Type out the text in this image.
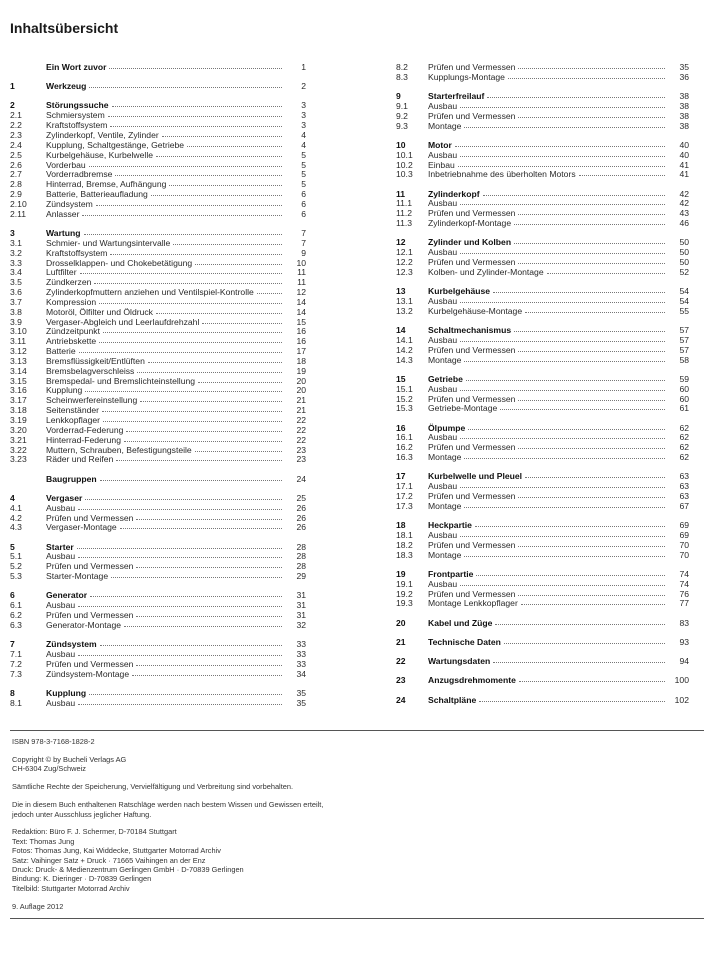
Inhaltsübersicht
Ein Wort zuvor	1
1	Werkzeug	2
2	Störungssuche	3
2.1	Schmiersystem	3
2.2	Kraftstoffsystem	3
2.3	Zylinderkopf, Ventile, Zylinder	4
2.4	Kupplung, Schaltgestänge, Getriebe	4
2.5	Kurbelgehäuse, Kurbelwelle	5
2.6	Vorderbau	5
2.7	Vorderradbremse	5
2.8	Hinterrad, Bremse, Aufhängung	5
2.9	Batterie, Batterieaufladung	6
2.10	Zündsystem	6
2.11	Anlasser	6
3	Wartung	7
3.1	Schmier- und Wartungsintervalle	7
3.2	Kraftstoffsystem	9
3.3	Drosselklappen- und Chokebetätigung	10
3.4	Luftfilter	11
3.5	Zündkerzen	11
3.6	Zylinderkopfmuttern anziehen und Ventilspiel-Kontrolle	12
3.7	Kompression	14
3.8	Motoröl, Ölfilter und Öldruck	14
3.9	Vergaser-Abgleich und Leerlaufdrehzahl	15
3.10	Zündzeitpunkt	16
3.11	Antriebskette	16
3.12	Batterie	17
3.13	Bremsflüssigkeit/Entlüften	18
3.14	Bremsbelagverschleiss	19
3.15	Bremspedal- und Bremslichteinstellung	20
3.16	Kupplung	20
3.17	Scheinwerfereinstellung	21
3.18	Seitenständer	21
3.19	Lenkkopflager	22
3.20	Vorderrad-Federung	22
3.21	Hinterrad-Federung	22
3.22	Muttern, Schrauben, Befestigungsteile	23
3.23	Räder und Reifen	23
Baugruppen	24
4	Vergaser	25
4.1	Ausbau	26
4.2	Prüfen und Vermessen	26
4.3	Vergaser-Montage	26
5	Starter	28
5.1	Ausbau	28
5.2	Prüfen und Vermessen	28
5.3	Starter-Montage	29
6	Generator	31
6.1	Ausbau	31
6.2	Prüfen und Vermessen	31
6.3	Generator-Montage	32
7	Zündsystem	33
7.1	Ausbau	33
7.2	Prüfen und Vermessen	33
7.3	Zündsystem-Montage	34
8	Kupplung	35
8.1	Ausbau	35
8.2	Prüfen und Vermessen	35
8.3	Kupplungs-Montage	36
9	Starterfreilauf	38
9.1	Ausbau	38
9.2	Prüfen und Vermessen	38
9.3	Montage	38
10	Motor	40
10.1	Ausbau	40
10.2	Einbau	41
10.3	Inbetriebnahme des überholten Motors	41
11	Zylinderkopf	42
11.1	Ausbau	42
11.2	Prüfen und Vermessen	43
11.3	Zylinderkopf-Montage	46
12	Zylinder und Kolben	50
12.1	Ausbau	50
12.2	Prüfen und Vermessen	50
12.3	Kolben- und Zylinder-Montage	52
13	Kurbelgehäuse	54
13.1	Ausbau	54
13.2	Kurbelgehäuse-Montage	55
14	Schaltmechanismus	57
14.1	Ausbau	57
14.2	Prüfen und Vermessen	57
14.3	Montage	58
15	Getriebe	59
15.1	Ausbau	60
15.2	Prüfen und Vermessen	60
15.3	Getriebe-Montage	61
16	Ölpumpe	62
16.1	Ausbau	62
16.2	Prüfen und Vermessen	62
16.3	Montage	62
17	Kurbelwelle und Pleuel	63
17.1	Ausbau	63
17.2	Prüfen und Vermessen	63
17.3	Montage	67
18	Heckpartie	69
18.1	Ausbau	69
18.2	Prüfen und Vermessen	70
18.3	Montage	70
19	Frontpartie	74
19.1	Ausbau	74
19.2	Prüfen und Vermessen	76
19.3	Montage Lenkkopflager	77
20	Kabel und Züge	83
21	Technische Daten	93
22	Wartungsdaten	94
23	Anzugsdrehmomente	100
24	Schaltpläne	102

ISBN 978-3-7168-1828-2

Copyright © by Bucheli Verlags AG
CH-6304 Zug/Schweiz

Sämtliche Rechte der Speicherung, Vervielfältigung und Verbreitung sind vorbehalten.

Die in diesem Buch enthaltenen Ratschläge werden nach bestem Wissen und Gewissen erteilt,
jedoch unter Ausschluss jeglicher Haftung.

Redaktion: Büro F. J. Schermer, D-70184 Stuttgart
Text: Thomas Jung
Fotos: Thomas Jung, Kai Widdecke, Stuttgarter Motorrad Archiv
Satz: Vaihinger Satz + Druck · 71665 Vaihingen an der Enz
Druck: Druck- & Medienzentrum Gerlingen GmbH · D-70839 Gerlingen
Bindung: K. Dieringer · D-70839 Gerlingen
Titelbild: Stuttgarter Motorrad Archiv

9. Auflage 2012
